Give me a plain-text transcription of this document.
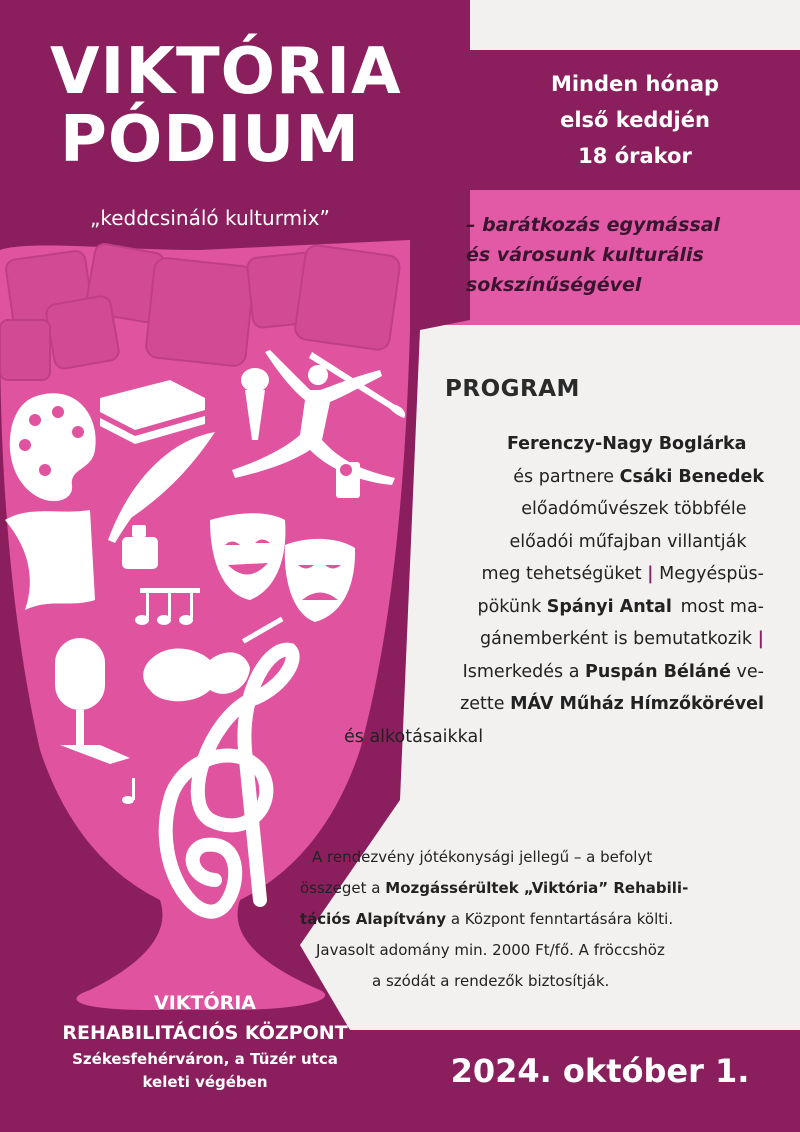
VIKTÓRIA
PÓDIUM
„keddcsináló kulturmix”
Minden hónap
első keddjén
18 órakor
– barátkozás egymással
és városunk kulturális
sokszínűségével
PROGRAM
Ferenczy-Nagy Boglárka  
és partnere Csáki Benedek
előadóművészek többféle  
előadói műfajban villantják  
meg tehetségüket | Megyéspüs-
pökünk Spányi Antal  most ma-
gánemberként is bemutatkozik |
Ismerkedés a Puspán Béláné ve-
zette MÁV Műház Hímzőkörével
és alkotásaikkal
A rendezvény jótékonysági jellegű – a befolyt
összeget a Mozgássérültek „Viktória” Rehabili-
tációs Alapítvány a Központ fenntartására költi.
Javasolt adomány min. 2000 Ft/fő. A fröccshöz
a szódát a rendezők biztosítják.
VIKTÓRIA
REHABILITÁCIÓS KÖZPONT
Székesfehérváron, a Tüzér utca
keleti végében	2024. október 1.
